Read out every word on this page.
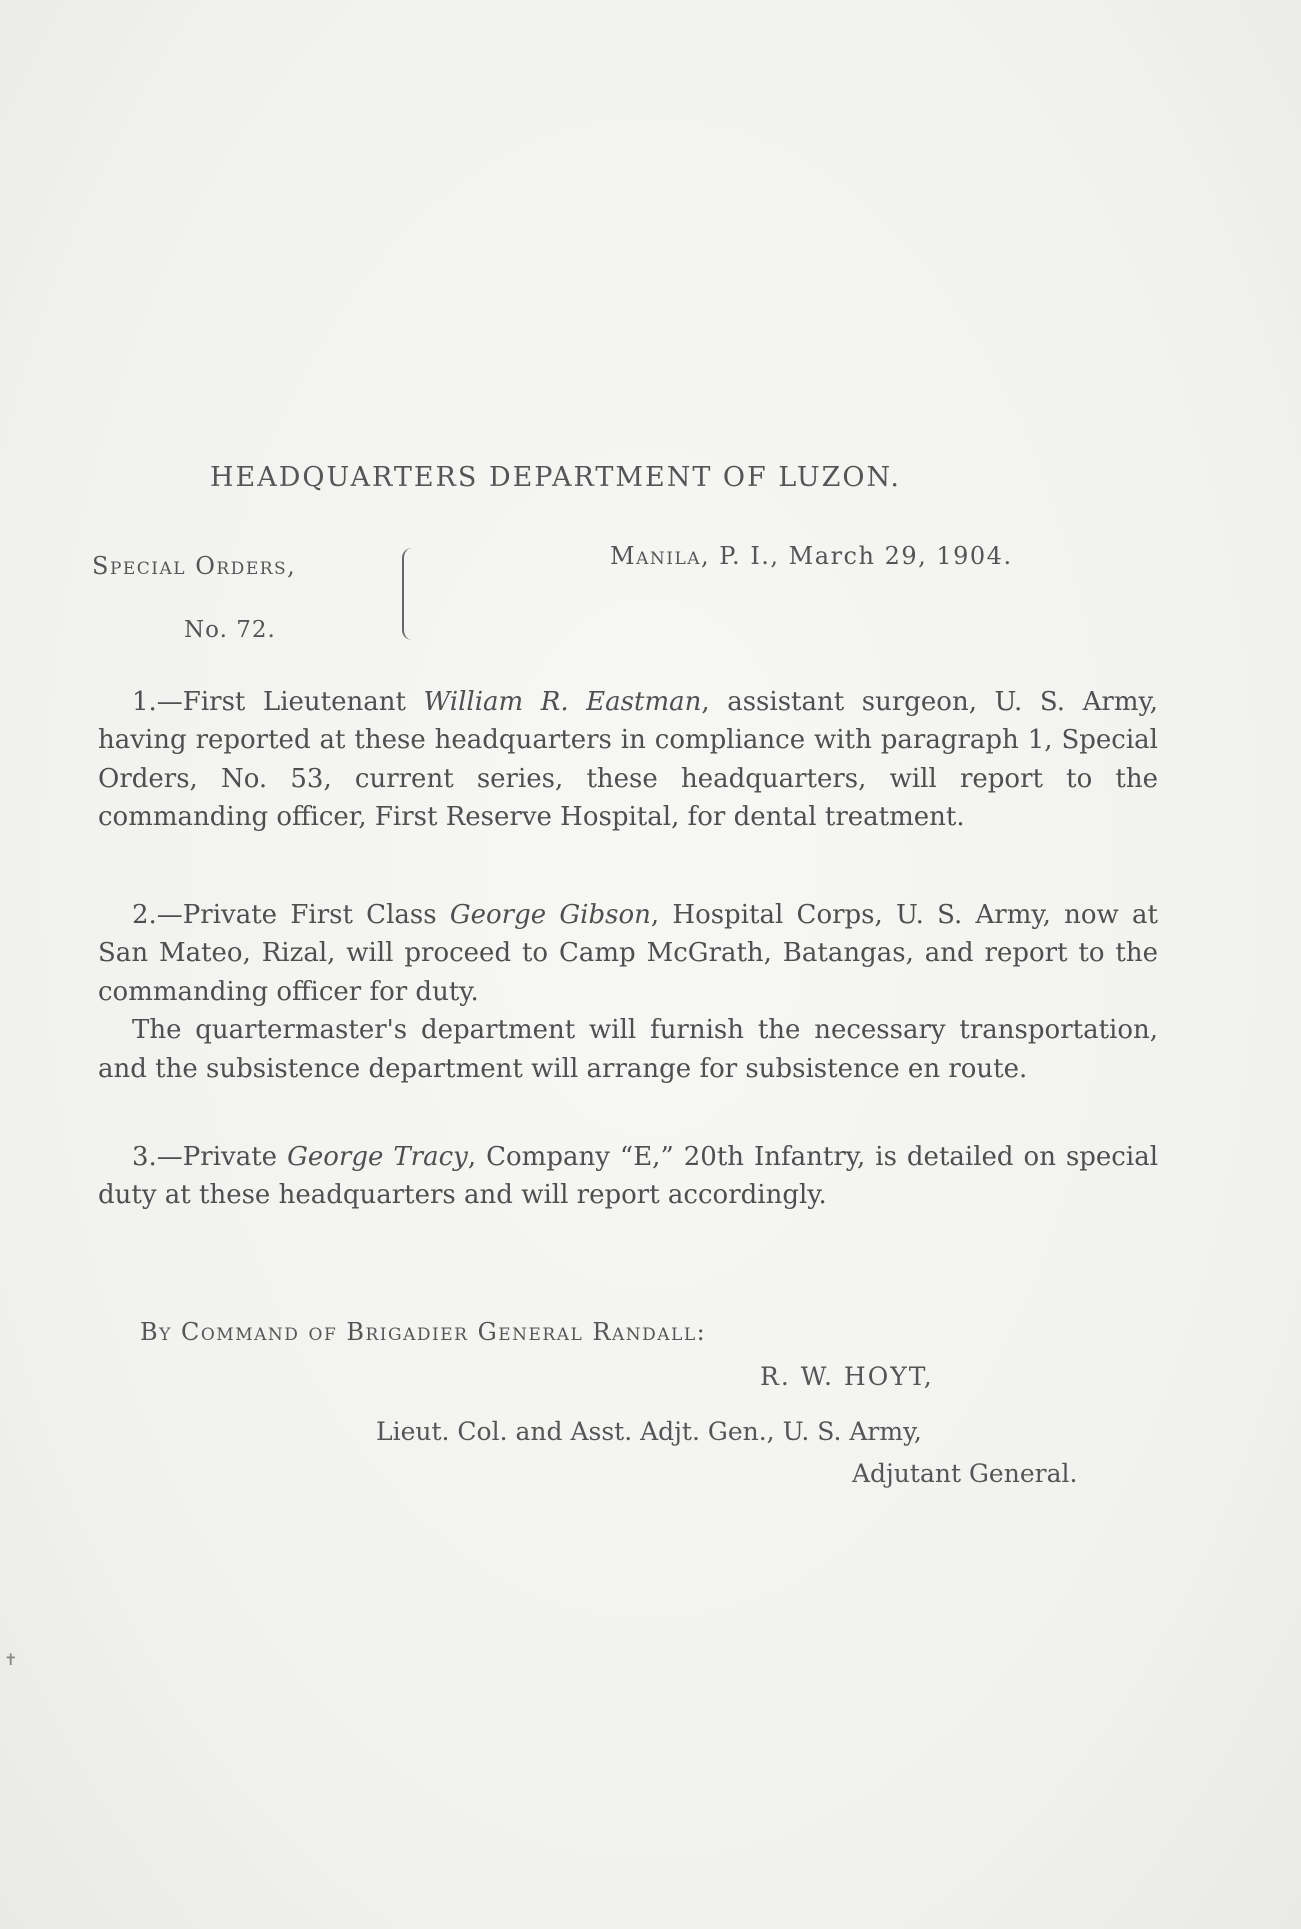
HEADQUARTERS DEPARTMENT OF LUZON.
Special Orders,
No. 72.
Manila, P. I., March 29, 1904.

1.—First Lieutenant William R. Eastman, assistant surgeon, U. S. Army, having reported at these headquarters in compliance with paragraph 1, Special Orders, No. 53, current series, these headquarters, will report to the commanding officer, First Reserve Hospital, for dental treatment.

2.—Private First Class George Gibson, Hospital Corps, U. S. Army, now at San Mateo, Rizal, will proceed to Camp McGrath, Batangas, and report to the commanding officer for duty.

The quartermaster's department will furnish the necessary transportation, and the subsistence department will arrange for subsistence en route.

3.—Private George Tracy, Company “E,” 20th Infantry, is detailed on special duty at these headquarters and will report accordingly.

By Command of Brigadier General Randall:
R. W. HOYT,
Lieut. Col. and Asst. Adjt. Gen., U. S. Army,
Adjutant General.
✝
